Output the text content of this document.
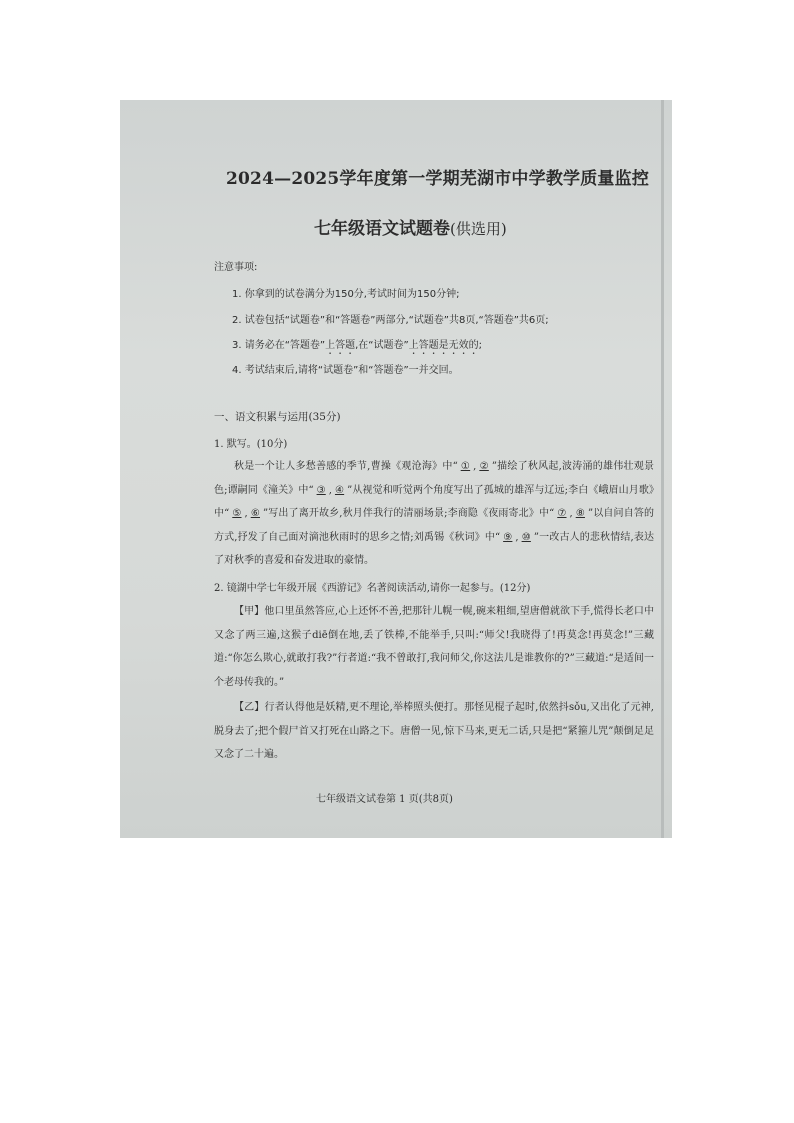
2024—2025学年度第一学期芜湖市中学教学质量监控
七年级语文试题卷(供选用)
注意事项:
1. 你拿到的试卷满分为150分,考试时间为150分钟;
2. 试卷包括“试题卷”和“答题卷”两部分,“试题卷”共8页,“答题卷”共6页;
3. 请务必在“答题卷”上答题,在“试题卷”上答题是无效的;
4. 考试结束后,请将“试题卷”和“答题卷”一并交回。
一、语文积累与运用(35分)
1. 默写。(10分)
秋是一个让人多愁善感的季节,曹操《观沧海》中“ ① , ② ”描绘了秋风起,波涛涌的雄伟壮观景色;谭嗣同《潼关》中“ ③ , ④ ”从视觉和听觉两个角度写出了孤城的雄浑与辽远;李白《峨眉山月歌》中“ ⑤ , ⑥ ”写出了离开故乡,秋月伴我行的清丽场景;李商隐《夜雨寄北》中“ ⑦ , ⑧ ”以自问自答的方式,抒发了自己面对滴池秋雨时的思乡之情;刘禹锡《秋词》中“ ⑨ , ⑩ ”一改古人的悲秋情结,表达了对秋季的喜爱和奋发进取的豪情。
2. 镜湖中学七年级开展《西游记》名著阅读活动,请你一起参与。(12分)
【甲】他口里虽然答应,心上还怀不善,把那针儿幌一幌,碗来粗细,望唐僧就欲下手,慌得长老口中又念了两三遍,这猴子diē倒在地,丢了铁棒,不能举手,只叫:“师父!我晓得了!再莫念!再莫念!”三藏道:“你怎么欺心,就敢打我?”行者道:“我不曾敢打,我问师父,你这法儿是谁教你的?”三藏道:“是适间一个老母传我的。”
【乙】行者认得他是妖精,更不理论,举棒照头便打。那怪见棍子起时,依然抖sǒu,又出化了元神,脱身去了;把个假尸首又打死在山路之下。唐僧一见,惊下马来,更无二话,只是把“紧箍儿咒”颠倒足足又念了二十遍。
七年级语文试卷第 1 页(共8页)
